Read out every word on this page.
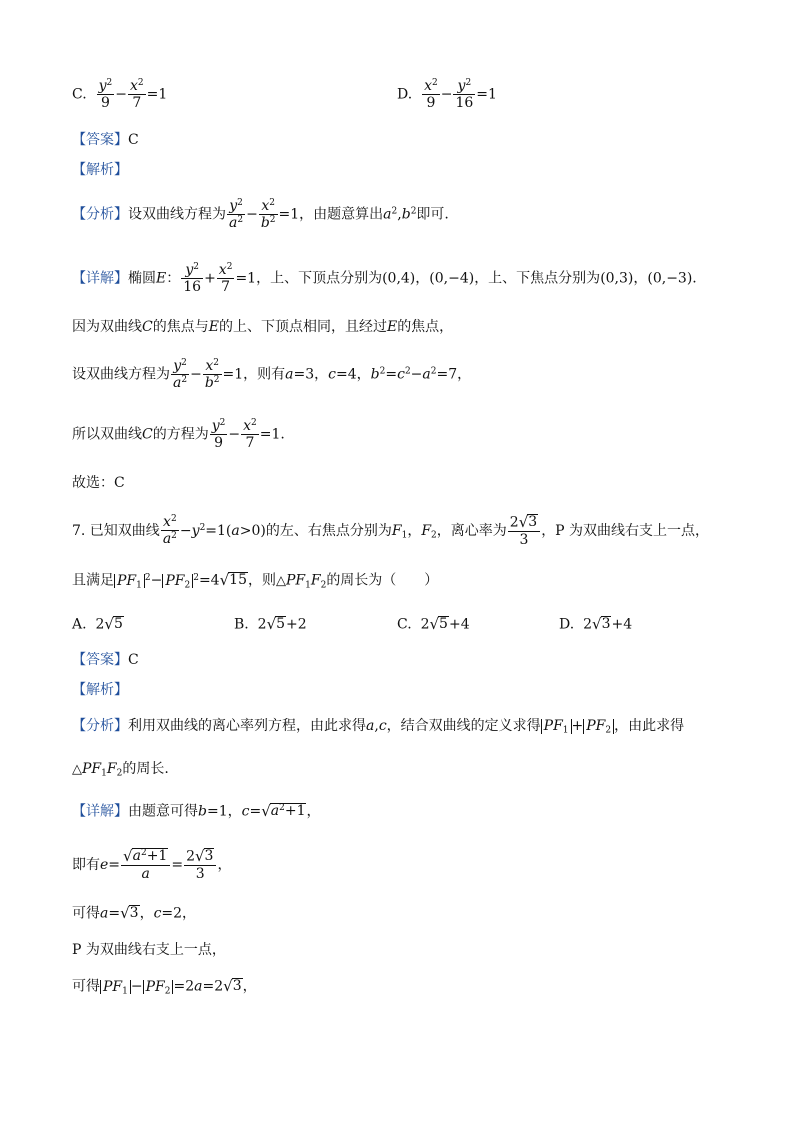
C. $\frac{y^2}{9} - \frac{x^2}{7} =1$	D. $\frac{x^2}{9} - \frac{y^2}{16} =1$
【答案】C
【解析】
【分析】设双曲线方程为 $\frac{y^2}{a^2} - \frac{x^2}{b^2} =1$，由题意算出$a^2,b^2$即可.
【详解】椭圆E： $\frac{y^2}{16} + \frac{x^2}{7} =1$，上、下顶点分别为(0,4)，(0,−4)，上、下焦点分别为(0,3)，(0,−3).
因为双曲线C的焦点与E的上、下顶点相同，且经过E的焦点，
设双曲线方程为 $\frac{y^2}{a^2} - \frac{x^2}{b^2} =1$，则有a=3，c=4，$b^2=c^2-a^2=7$，
所以双曲线C的方程为 $\frac{y^2}{9} - \frac{x^2}{7} =1$.
故选：C
7. 已知双曲线 $\frac{x^2}{a^2} -y^2=1(a>0)$的左、右焦点分别为$F_1$，$F_2$，离心率为 $\frac{2 √ 3}{3}$ ，P 为双曲线右支上一点，
且满足 $PF_1^2- PF_2^2=4$ √ 15 ，则$\triangle PF_1F_2$的周长为（　　）
A.  2 √ 5	B.  2 √ 5 +2	C.  2 √ 5 +4	D.  2 √ 3 +4
【答案】C
【解析】
【分析】利用双曲线的离心率列方程，由此求得a,c，结合双曲线的定义求得 $PF_1 + PF_2$ ，由此求得
$\triangle PF_1F_2$的周长.
【详解】由题意可得b=1，c= √ $a^2+1$ ，
即有$e= \frac{√ a^2+1}{a} = \frac{2 √ 3}{3}$ ，
可得a= √ 3 ，c=2，
P 为双曲线右支上一点，
可得 $PF_1 - PF_2 =2a=2$ √ 3 ，
